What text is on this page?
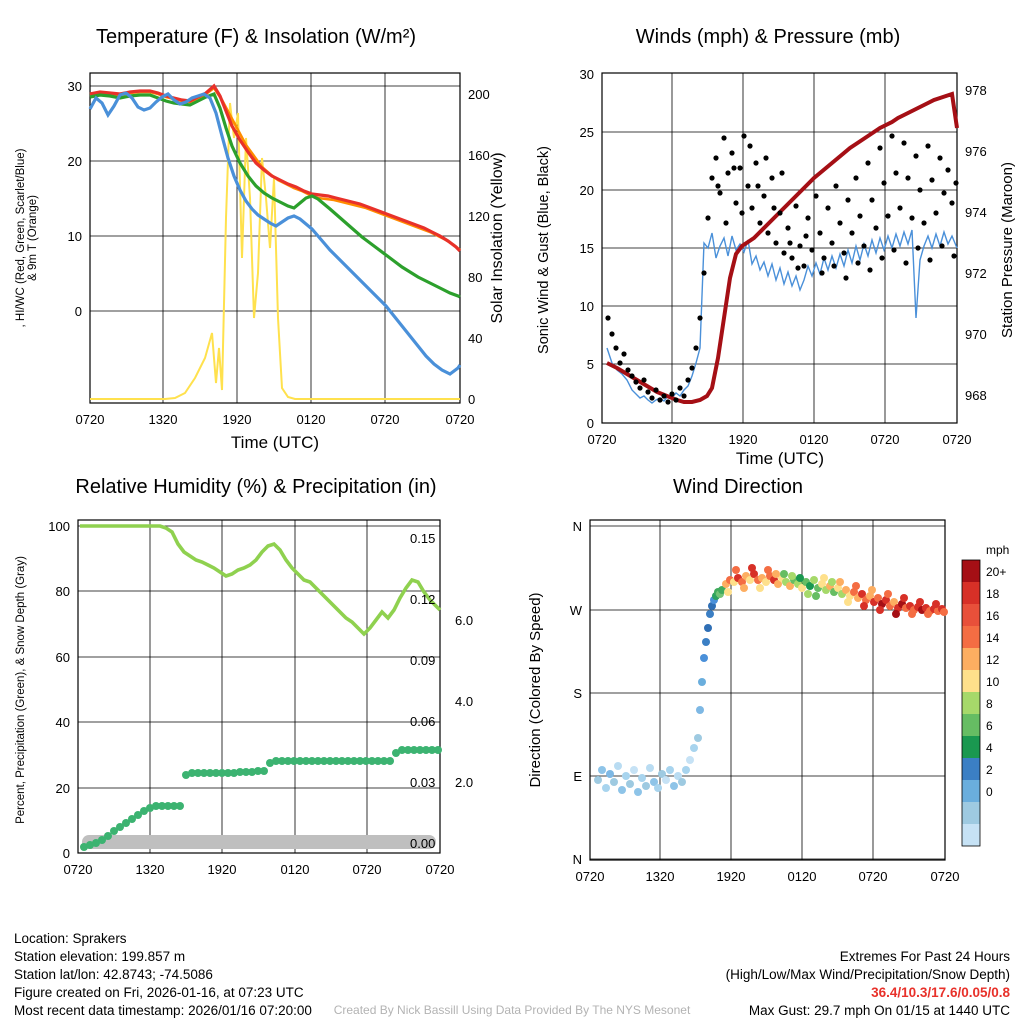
Temperature (F) & Insolation (W/m²)
0
10
20
30
0
40
80
120
160
200
0720	1320	1920	0120	0720	0720
Time (UTC)
, HI/WC (Red, Green, Scarlet/Blue) & 9m T (Orange)	Solar Insolation (Yellow)
Winds (mph) & Pressure (mb)
0
5
10
15
20
25
30
968
970
972
974
976
978
0720	1320	1920	0120	0720	0720
Time (UTC)
Sonic Wind & Gust (Blue, Black)	Station Pressure (Maroon)
Relative Humidity (%) & Precipitation (in)
0
20
40
60
80
100
0.00
0.03
0.06
0.09
0.12
0.15
2.0
4.0
6.0
0720	1320	1920	0120	0720	0720
Percent, Precipitation (Green), & Snow Depth (Gray)
Wind Direction
N
W
S
E
N
0720	1320	1920	0120	0720	0720
Direction (Colored By Speed)
mph
20+
18
16
14
12
10
8
6
4
2
0
Location: Sprakers
Station elevation: 199.857 m
Station lat/lon: 42.8743; -74.5086
Figure created on Fri, 2026-01-16, at 07:23 UTC
Most recent data timestamp: 2026/01/16 07:20:00
Extremes For Past 24 Hours
(High/Low/Max Wind/Precipitation/Snow Depth)
36.4/10.3/17.6/0.05/0.8
Max Gust: 29.7 mph On 01/15 at 1440 UTC
Created By Nick Bassill Using Data Provided By The NYS Mesonet
